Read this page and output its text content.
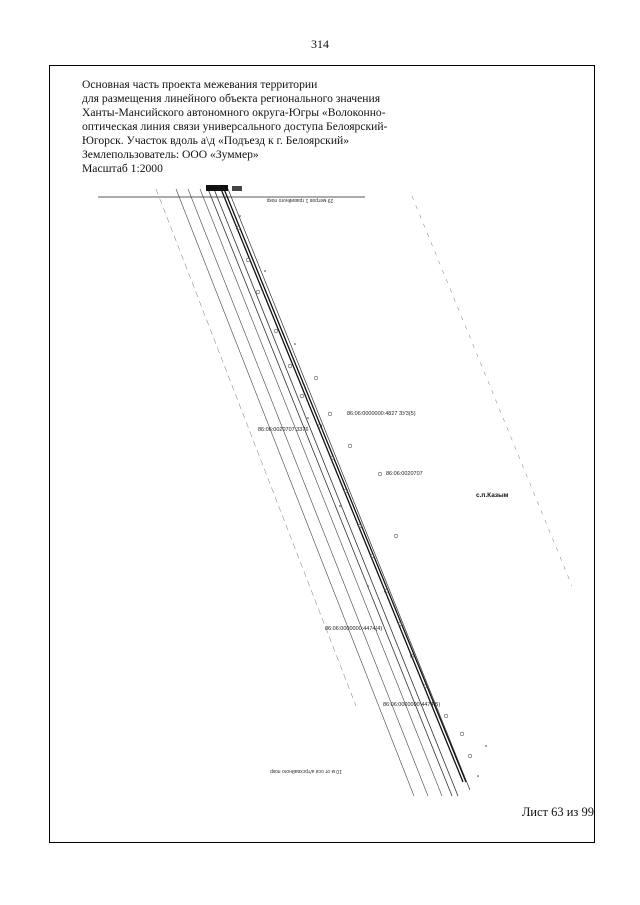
314
29 метров 1 гравийного покр
10 м от оси а/трсхвайного покр
86:06:0020707:3376
86:06:0000000:4827 ЗУ3(5)
86:06:0020707
с.п.Казым
86:06:0000000:4474(4)
86:06:0000000:4474(5)
Основная часть проекта межевания территории
для размещения линейного объекта регионального значения
Ханты-Мансийского автономного округа-Югры «Волоконно-
оптическая линия связи универсального доступа Белоярский-
Югорск. Участок вдоль а\д «Подъезд к г. Белоярский»
Землепользователь: ООО «Зуммер»
Масштаб 1:2000
Лист 63 из 99
